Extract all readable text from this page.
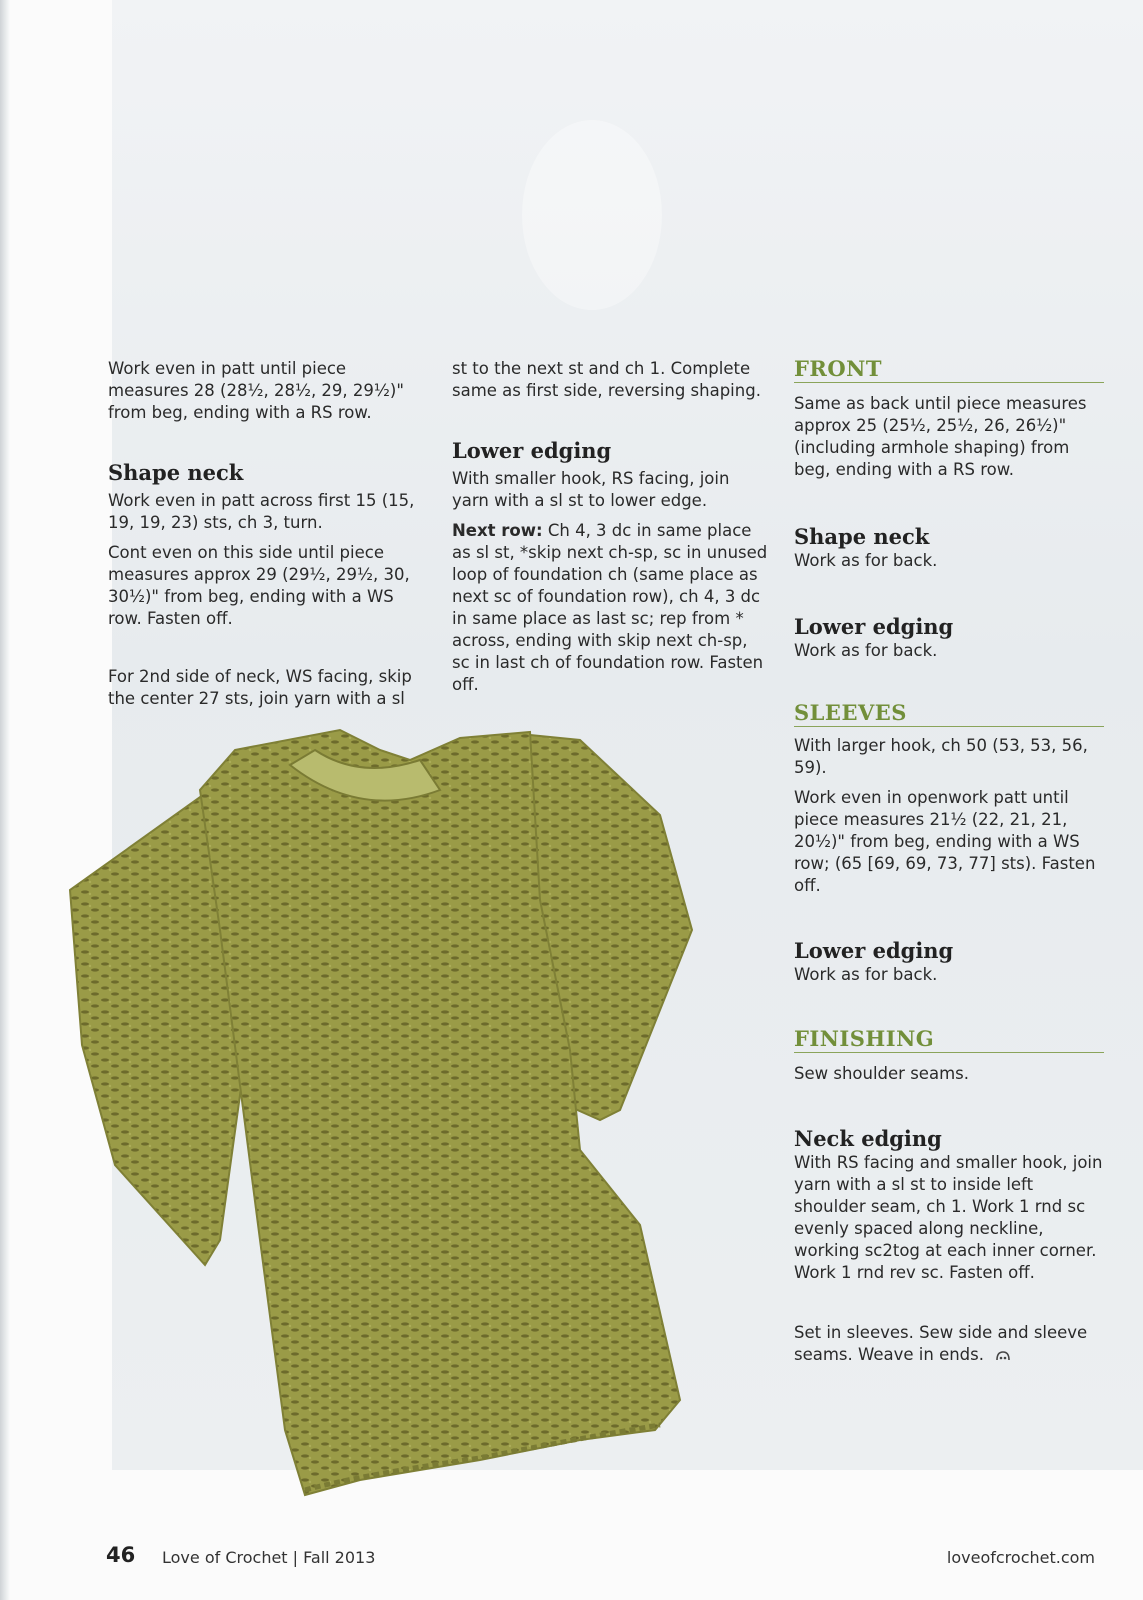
Work even in patt until piece measures 28 (28½, 28½, 29, 29½)" from beg, ending with a RS row.

Shape neck

Work even in patt across first 15 (15, 19, 19, 23) sts, ch 3, turn.

Cont even on this side until piece measures approx 29 (29½, 29½, 30, 30½)" from beg, ending with a WS row. Fasten off.

For 2nd side of neck, WS facing, skip the center 27 sts, join yarn with a sl

st to the next st and ch 1. Complete same as first side, reversing shaping.

Lower edging

With smaller hook, RS facing, join yarn with a sl st to lower edge.

Next row: Ch 4, 3 dc in same place as sl st, *skip next ch-sp, sc in unused loop of foundation ch (same place as next sc of foundation row), ch 4, 3 dc in same place as last sc; rep from * across, ending with skip next ch-sp, sc in last ch of foundation row. Fasten off.

FRONT

Same as back until piece measures approx 25 (25½, 25½, 26, 26½)" (including armhole shaping) from beg, ending with a RS row.

Shape neck

Work as for back.

Lower edging

Work as for back.

SLEEVES

With larger hook, ch 50 (53, 53, 56, 59).

Work even in openwork patt until piece measures 21½ (22, 21, 21, 20½)" from beg, ending with a WS row; (65 [69, 69, 73, 77] sts). Fasten off.

Lower edging

Work as for back.

FINISHING

Sew shoulder seams.

Neck edging

With RS facing and smaller hook, join yarn with a sl st to inside left shoulder seam, ch 1. Work 1 rnd sc evenly spaced along neckline, working sc2tog at each inner corner. Work 1 rnd rev sc. Fasten off.

Set in sleeves. Sew side and sleeve seams. Weave in ends.

46 Love of Crochet | Fall 2013	loveofcrochet.com
